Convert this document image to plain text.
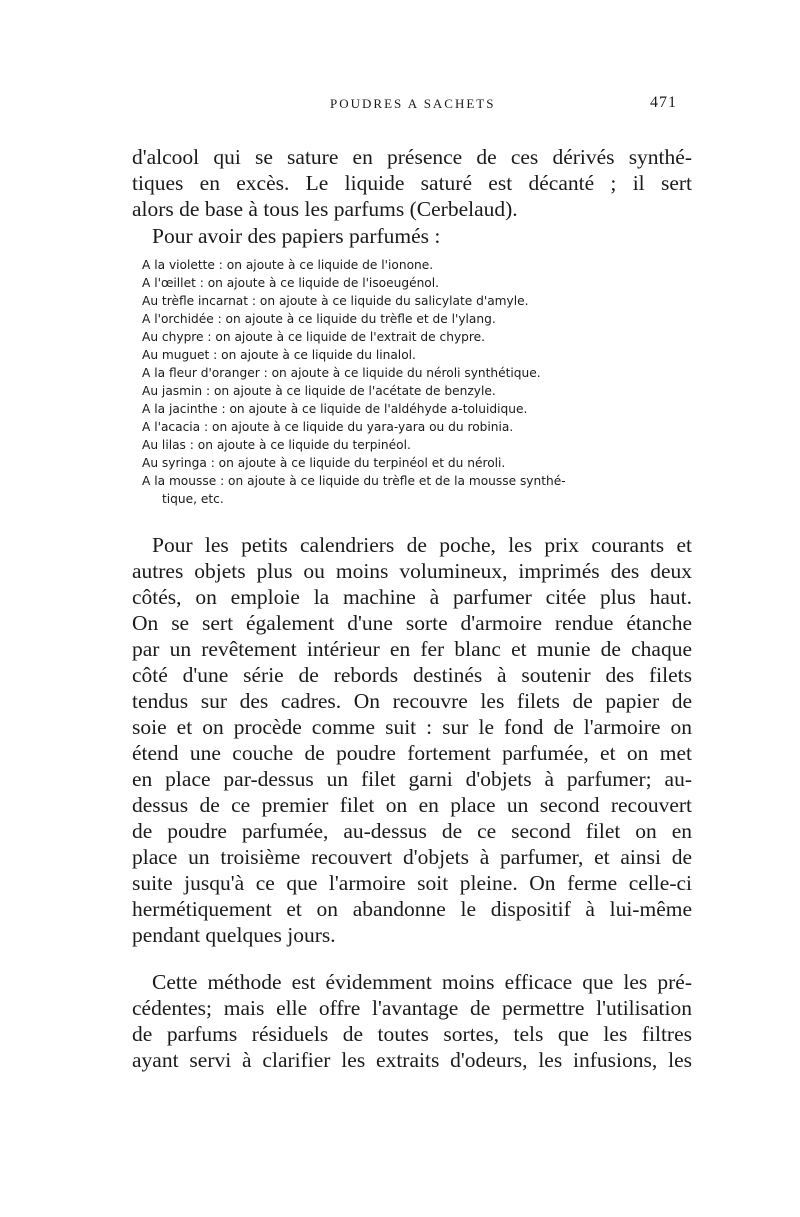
POUDRES A SACHETS	471
d'alcool qui se sature en présence de ces dérivés synthé-
tiques en excès. Le liquide saturé est décanté ; il sert
alors de base à tous les parfums (Cerbelaud).
Pour avoir des papiers parfumés :
A la violette : on ajoute à ce liquide de l'ionone.
A l'œillet : on ajoute à ce liquide de l'isoeugénol.
Au trèfle incarnat : on ajoute à ce liquide du salicylate d'amyle.
A l'orchidée : on ajoute à ce liquide du trèfle et de l'ylang.
Au chypre : on ajoute à ce liquide de l'extrait de chypre.
Au muguet : on ajoute à ce liquide du linalol.
A la fleur d'oranger : on ajoute à ce liquide du néroli synthétique.
Au jasmin : on ajoute à ce liquide de l'acétate de benzyle.
A la jacinthe : on ajoute à ce liquide de l'aldéhyde a-toluidique.
A l'acacia : on ajoute à ce liquide du yara-yara ou du robinia.
Au lilas : on ajoute à ce liquide du terpinéol.
Au syringa : on ajoute à ce liquide du terpinéol et du néroli.
A la mousse : on ajoute à ce liquide du trèfle et de la mousse synthé-
tique, etc.
Pour les petits calendriers de poche, les prix courants et
autres objets plus ou moins volumineux, imprimés des deux
côtés, on emploie la machine à parfumer citée plus haut.
On se sert également d'une sorte d'armoire rendue étanche
par un revêtement intérieur en fer blanc et munie de chaque
côté d'une série de rebords destinés à soutenir des filets
tendus sur des cadres. On recouvre les filets de papier de
soie et on procède comme suit : sur le fond de l'armoire on
étend une couche de poudre fortement parfumée, et on met
en place par-dessus un filet garni d'objets à parfumer; au-
dessus de ce premier filet on en place un second recouvert
de poudre parfumée, au-dessus de ce second filet on en
place un troisième recouvert d'objets à parfumer, et ainsi de
suite jusqu'à ce que l'armoire soit pleine. On ferme celle-ci
hermétiquement et on abandonne le dispositif à lui-même
pendant quelques jours.
Cette méthode est évidemment moins efficace que les pré-
cédentes; mais elle offre l'avantage de permettre l'utilisation
de parfums résiduels de toutes sortes, tels que les filtres
ayant servi à clarifier les extraits d'odeurs, les infusions, les
